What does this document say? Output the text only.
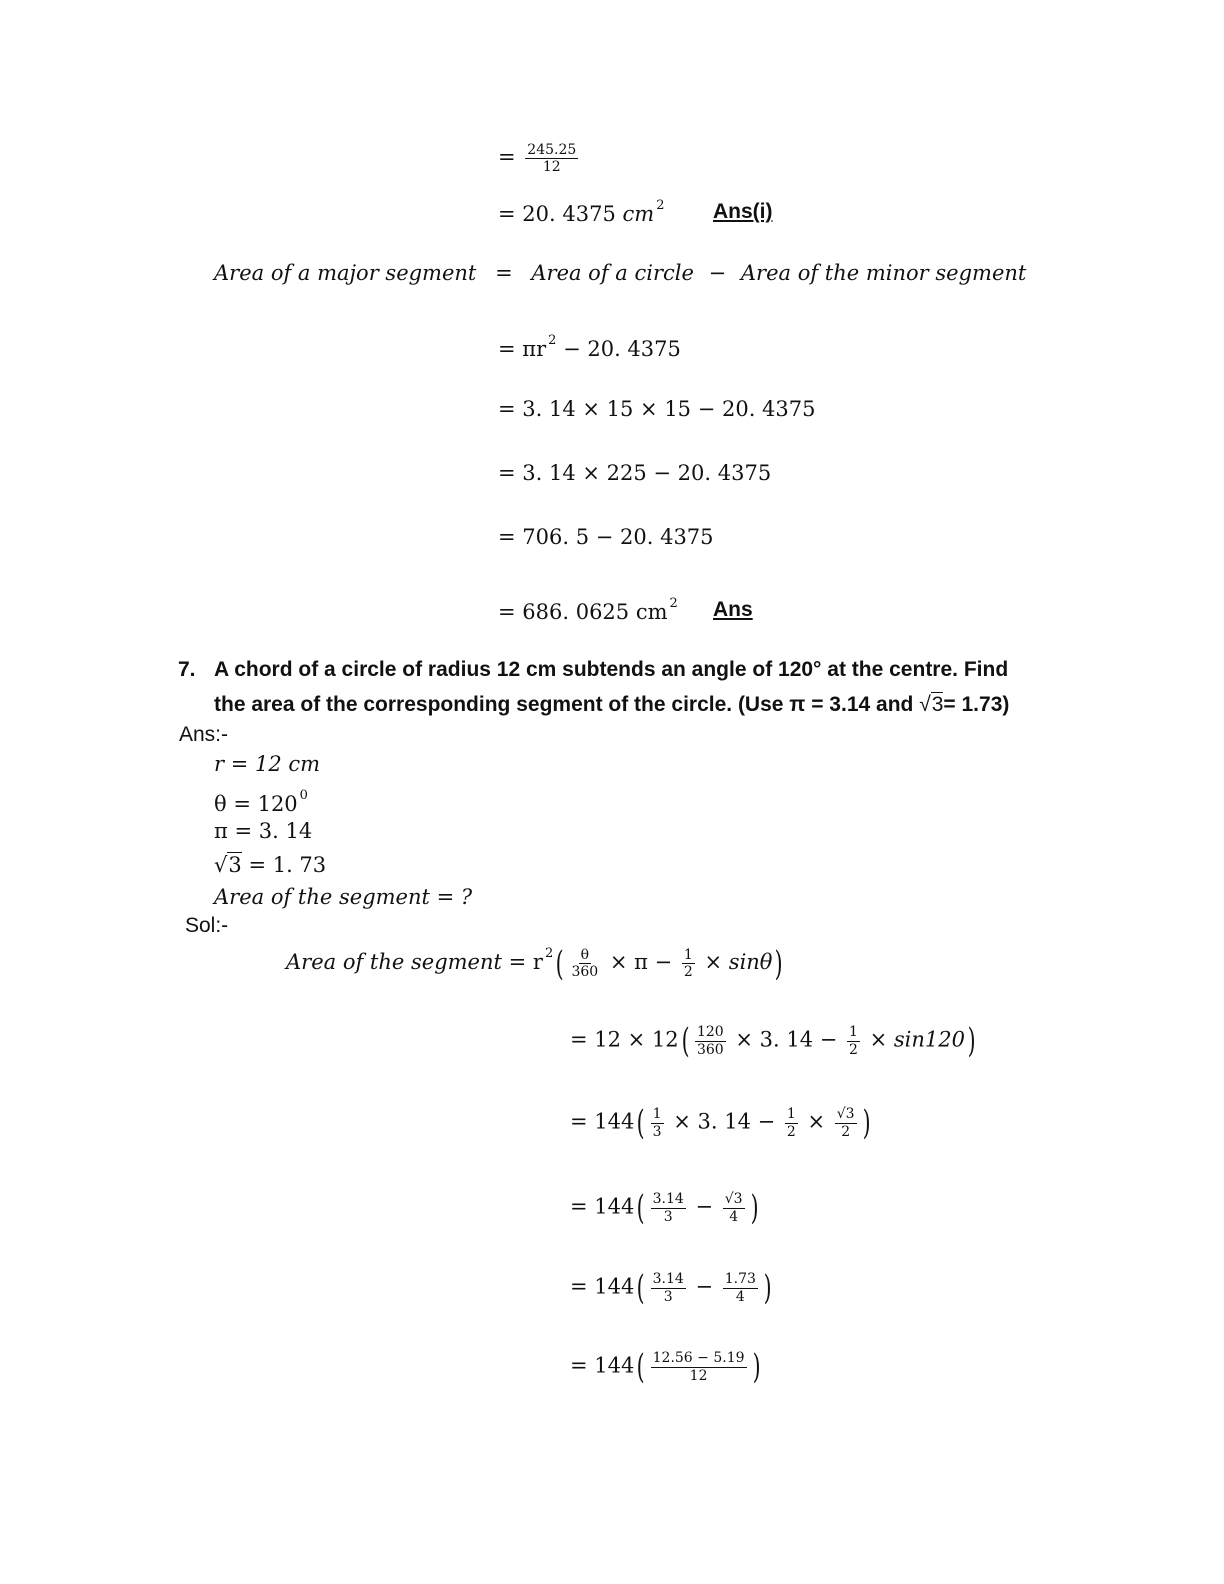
= $\frac{245.25}{12}$
= 20. 4375 cm $^2$ Ans(i)
Area of a major segment = Area of a circle − Area of the minor segment
= πr $^2$ − 20. 4375
= 3. 14 × 15 × 15 − 20. 4375
= 3. 14 × 225 − 20. 4375
= 706. 5 − 20. 4375
= 686. 0625 cm $^2$ Ans
7. A chord of a circle of radius 12 cm subtends an angle of 120° at the centre. Find
the area of the corresponding segment of the circle. (Use π = 3.14 and √3= 1.73)
Ans:-
r = 12 cm
θ = 120 $^0$
π = 3. 14
√3 = 1. 73
Area of the segment = ?
Sol:-
Area of the segment = r $^2( \frac{\theta}{360} \times \pi - \frac{1}{2} \times \sin\theta)$
= $12 \times 12( \frac{120}{360} \times 3$. $14 - \frac{1}{2} \times \sin 120$)
= $144( \frac{1}{3} \times 3$. $14 - \frac{1}{2} \times \frac{√3}{2}$ )
= $144( \frac{3.14}{3} - \frac{√3}{4}$ )
= $144( \frac{3.14}{3} - \frac{1.73}{4}$ )
= $144( \frac{12.56 - 5.19}{12}$ )
